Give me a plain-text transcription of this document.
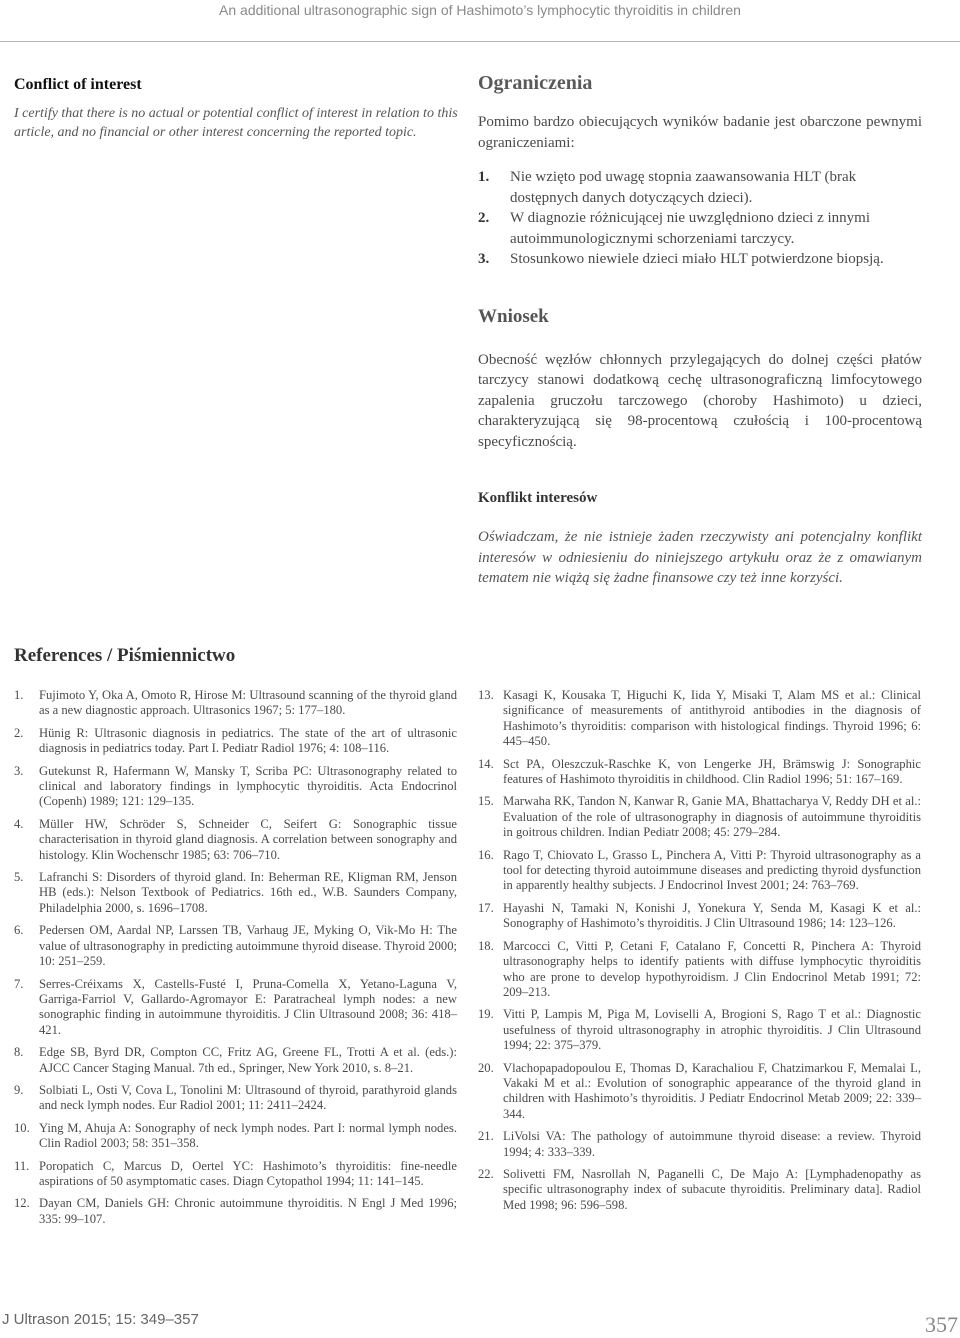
An additional ultrasonographic sign of Hashimoto’s lymphocytic thyroiditis in children
Conflict of interest

I certify that there is no actual or potential conflict of interest in relation to this article, and no financial or other interest concerning the reported topic.

Ograniczenia

Pomimo bardzo obiecujących wyników badanie jest obarczone pewnymi ograniczeniami:

1. Nie wzięto pod uwagę stopnia zaawansowania HLT (brak dostępnych danych dotyczących dzieci).
2. W diagnozie różnicującej nie uwzględniono dzieci z innymi autoimmunologicznymi schorzeniami tarczycy.
3. Stosunkowo niewiele dzieci miało HLT potwierdzone biopsją.
Wniosek

Obecność węzłów chłonnych przylegających do dolnej części płatów tarczycy stanowi dodatkową cechę ultrasonograficzną limfocytowego zapalenia gruczołu tarczowego (choroby Hashimoto) u dzieci, charakteryzującą się 98-procentową czułością i 100-procentową specyficznością.

Konflikt interesów

Oświadczam, że nie istnieje żaden rzeczywisty ani potencjalny konflikt interesów w odniesieniu do niniejszego artykułu oraz że z omawianym tematem nie wiążą się żadne finansowe czy też inne korzyści.

References / Piśmiennictwo
1. Fujimoto Y, Oka A, Omoto R, Hirose M: Ultrasound scanning of the thyroid gland as a new diagnostic approach. Ultrasonics 1967; 5: 177–180.
2. Hünig R: Ultrasonic diagnosis in pediatrics. The state of the art of ultrasonic diagnosis in pediatrics today. Part I. Pediatr Radiol 1976; 4: 108–116.
3. Gutekunst R, Hafermann W, Mansky T, Scriba PC: Ultrasonography related to clinical and laboratory findings in lymphocytic thyroiditis. Acta Endocrinol (Copenh) 1989; 121: 129–135.
4. Müller HW, Schröder S, Schneider C, Seifert G: Sonographic tissue characterisation in thyroid gland diagnosis. A correlation between sonography and histology. Klin Wochenschr 1985; 63: 706–710.
5. Lafranchi S: Disorders of thyroid gland. In: Beherman RE, Kligman RM, Jenson HB (eds.): Nelson Textbook of Pediatrics. 16th ed., W.B. Saunders Company, Philadelphia 2000, s. 1696–1708.
6. Pedersen OM, Aardal NP, Larssen TB, Varhaug JE, Myking O, Vik-Mo H: The value of ultrasonography in predicting autoimmune thyroid disease. Thyroid 2000; 10: 251–259.
7. Serres-Créixams X, Castells-Fusté I, Pruna-Comella X, Yetano-Laguna V, Garriga-Farriol V, Gallardo-Agromayor E: Paratracheal lymph nodes: a new sonographic finding in autoimmune thyroiditis. J Clin Ultrasound 2008; 36: 418–421.
8. Edge SB, Byrd DR, Compton CC, Fritz AG, Greene FL, Trotti A et al. (eds.): AJCC Cancer Staging Manual. 7th ed., Springer, New York 2010, s. 8–21.
9. Solbiati L, Osti V, Cova L, Tonolini M: Ultrasound of thyroid, parathyroid glands and neck lymph nodes. Eur Radiol 2001; 11: 2411–2424.
10. Ying M, Ahuja A: Sonography of neck lymph nodes. Part I: normal lymph nodes. Clin Radiol 2003; 58: 351–358.
11. Poropatich C, Marcus D, Oertel YC: Hashimoto’s thyroiditis: fine-needle aspirations of 50 asymptomatic cases. Diagn Cytopathol 1994; 11: 141–145.
12. Dayan CM, Daniels GH: Chronic autoimmune thyroiditis. N Engl J Med 1996; 335: 99–107.
13. Kasagi K, Kousaka T, Higuchi K, Iida Y, Misaki T, Alam MS et al.: Clinical significance of measurements of antithyroid antibodies in the diagnosis of Hashimoto’s thyroiditis: comparison with histological findings. Thyroid 1996; 6: 445–450.
14. Sct PA, Oleszczuk-Raschke K, von Lengerke JH, Brämswig J: Sonographic features of Hashimoto thyroiditis in childhood. Clin Radiol 1996; 51: 167–169.
15. Marwaha RK, Tandon N, Kanwar R, Ganie MA, Bhattacharya V, Reddy DH et al.: Evaluation of the role of ultrasonography in diagnosis of autoimmune thyroiditis in goitrous children. Indian Pediatr 2008; 45: 279–284.
16. Rago T, Chiovato L, Grasso L, Pinchera A, Vitti P: Thyroid ultrasonography as a tool for detecting thyroid autoimmune diseases and predicting thyroid dysfunction in apparently healthy subjects. J Endocrinol Invest 2001; 24: 763–769.
17. Hayashi N, Tamaki N, Konishi J, Yonekura Y, Senda M, Kasagi K et al.: Sonography of Hashimoto’s thyroiditis. J Clin Ultrasound 1986; 14: 123–126.
18. Marcocci C, Vitti P, Cetani F, Catalano F, Concetti R, Pinchera A: Thyroid ultrasonography helps to identify patients with diffuse lymphocytic thyroiditis who are prone to develop hypothyroidism. J Clin Endocrinol Metab 1991; 72: 209–213.
19. Vitti P, Lampis M, Piga M, Loviselli A, Brogioni S, Rago T et al.: Diagnostic usefulness of thyroid ultrasonography in atrophic thyroiditis. J Clin Ultrasound 1994; 22: 375–379.
20. Vlachopapadopoulou E, Thomas D, Karachaliou F, Chatzimarkou F, Memalai L, Vakaki M et al.: Evolution of sonographic appearance of the thyroid gland in children with Hashimoto’s thyroiditis. J Pediatr Endocrinol Metab 2009; 22: 339–344.
21. LiVolsi VA: The pathology of autoimmune thyroid disease: a review. Thyroid 1994; 4: 333–339.
22. Solivetti FM, Nasrollah N, Paganelli C, De Majo A: [Lymphadenopathy as specific ultrasonography index of subacute thyroiditis. Preliminary data]. Radiol Med 1998; 96: 596–598.
J Ultrason 2015; 15: 349–357	357
